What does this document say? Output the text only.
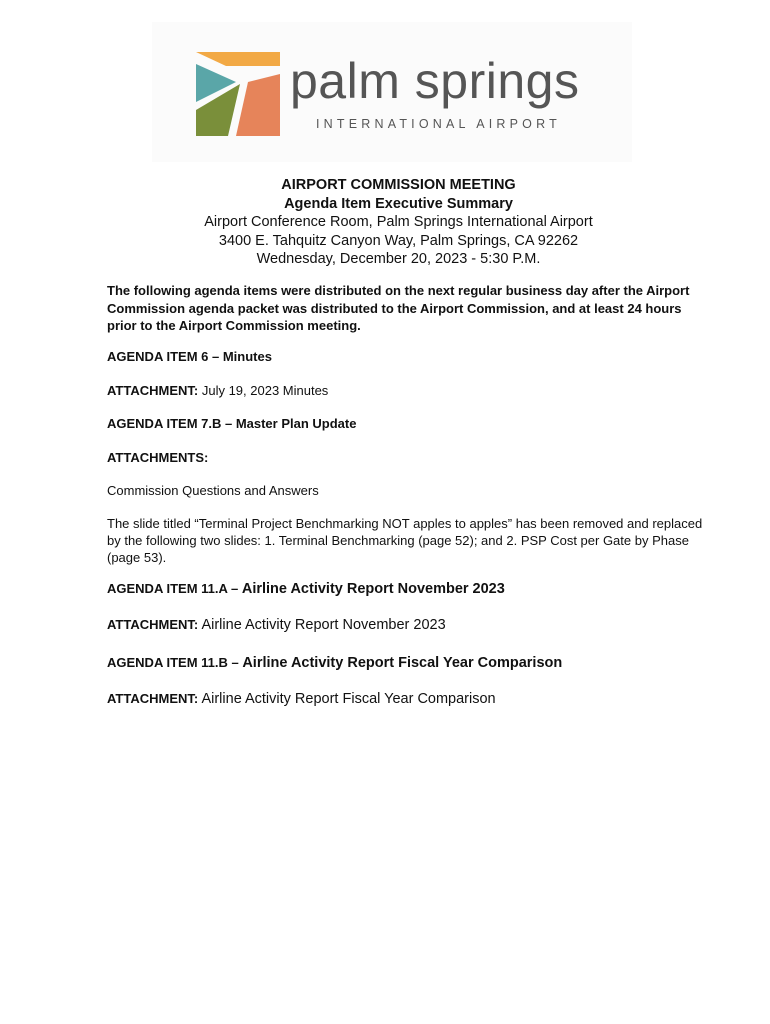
palm springs
INTERNATIONAL AIRPORT
AIRPORT COMMISSION MEETING
Agenda Item Executive Summary
Airport Conference Room, Palm Springs International Airport
3400 E. Tahquitz Canyon Way, Palm Springs, CA 92262
Wednesday, December 20, 2023 - 5:30 P.M.
The following agenda items were distributed on the next regular business day after the Airport Commission agenda packet was distributed to the Airport Commission, and at least 24 hours prior to the Airport Commission meeting.
AGENDA ITEM 6 – Minutes
ATTACHMENT: July 19, 2023 Minutes
AGENDA ITEM 7.B – Master Plan Update
ATTACHMENTS:
Commission Questions and Answers
The slide titled “Terminal Project Benchmarking NOT apples to apples” has been removed and replaced by the following two slides: 1. Terminal Benchmarking (page 52); and 2. PSP Cost per Gate by Phase (page 53).
AGENDA ITEM 11.A – Airline Activity Report November 2023
ATTACHMENT: Airline Activity Report November 2023
AGENDA ITEM 11.B – Airline Activity Report Fiscal Year Comparison
ATTACHMENT: Airline Activity Report Fiscal Year Comparison
